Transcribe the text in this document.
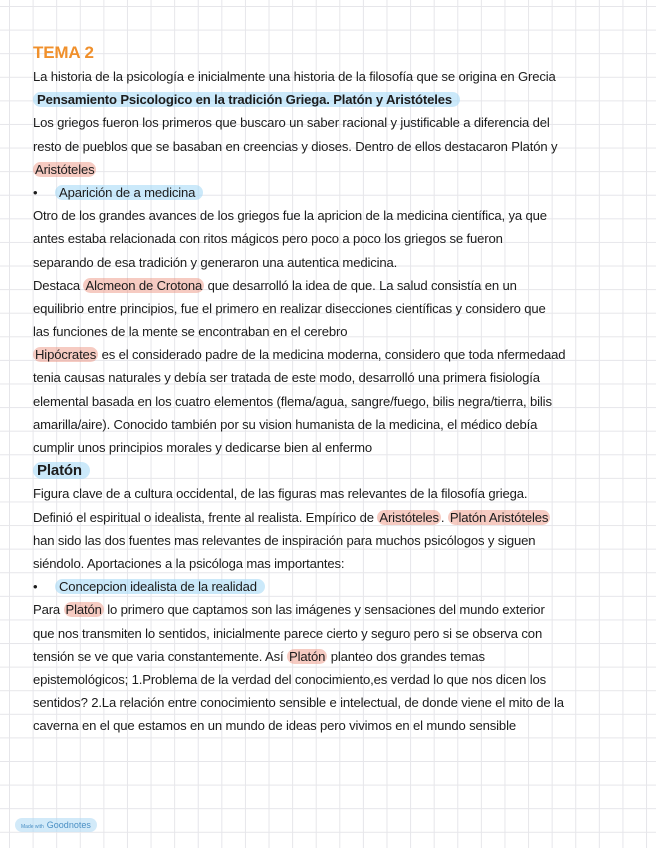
TEMA 2
La historia de la psicología e inicialmente una historia de la filosofía que se origina en Grecia
Pensamiento Psicologico en la tradición Griega. Platón y Aristóteles
Los griegos fueron los primeros que buscaro un saber racional y justificable a diferencia del
resto de pueblos que se basaban en creencias y dioses. Dentro de ellos destacaron Platón y
Aristóteles
• Aparición de a medicina
Otro de los grandes avances de los griegos fue la apricion de la medicina científica, ya que
antes estaba relacionada con ritos mágicos pero poco a poco los griegos se fueron
separando de esa tradición y generaron una autentica medicina.
Destaca Alcmeon de Crotona que desarrolló la idea de que. La salud consistía en un
equilibrio entre principios, fue el primero en realizar disecciones científicas y considero que
las funciones de la mente se encontraban en el cerebro
Hipócrates es el considerado padre de la medicina moderna, considero que toda nfermedaad
tenia causas naturales y debía ser tratada de este modo, desarrolló una primera fisiología
elemental basada en los cuatro elementos (flema/agua, sangre/fuego, bilis negra/tierra, bilis
amarilla/aire). Conocido también por su vision humanista de la medicina, el médico debía
cumplir unos principios morales y dedicarse bien al enfermo
Platón
Figura clave de a cultura occidental, de las figuras mas relevantes de la filosofía griega.
Definió el espiritual o idealista, frente al realista. Empírico de Aristóteles . Platón Aristóteles
han sido las dos fuentes mas relevantes de inspiración para muchos psicólogos y siguen
siéndolo. Aportaciones a la psicóloga mas importantes:
• Concepcion idealista de la realidad
Para Platón lo primero que captamos son las imágenes y sensaciones del mundo exterior
que nos transmiten lo sentidos, inicialmente parece cierto y seguro pero si se observa con
tensión se ve que varia constantemente. Así Platón planteo dos grandes temas
epistemológicos; 1.Problema de la verdad del conocimiento,es verdad lo que nos dicen los
sentidos? 2.La relación entre conocimiento sensible e intelectual, de donde viene el mito de la
caverna en el que estamos en un mundo de ideas pero vivimos en el mundo sensible
Made with Goodnotes
